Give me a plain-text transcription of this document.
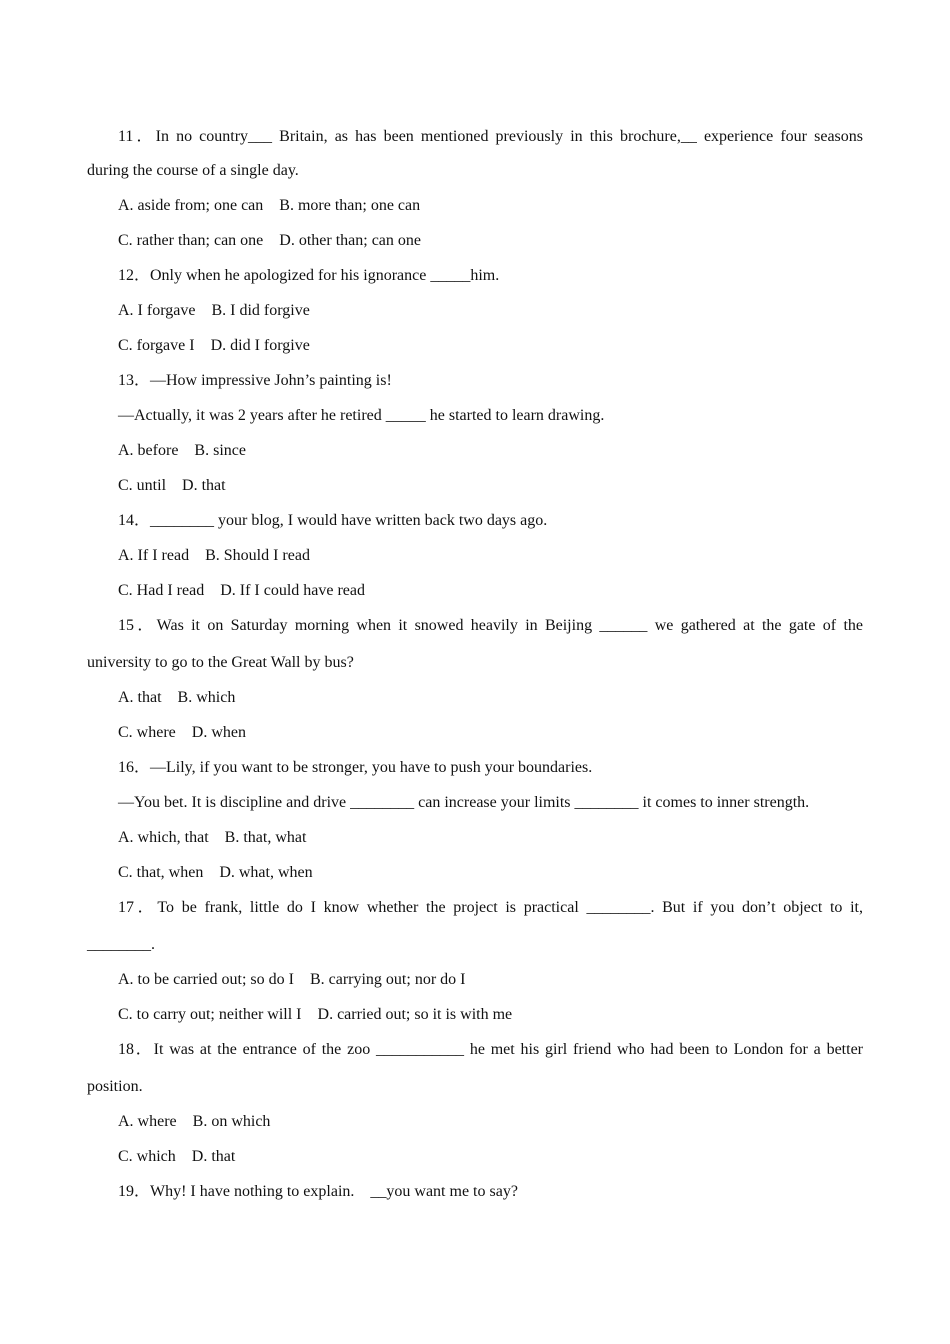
11．In no country___ Britain, as has been mentioned previously in this brochure,__ experience four seasons

during the course of a single day.

A. aside from; one can　B. more than; one can

C. rather than; can one　D. other than; can one

12．Only when he apologized for his ignorance _____him.

A. I forgave　B. I did forgive

C. forgave I　D. did I forgive

13．—How impressive John’s painting is!

—Actually, it was 2 years after he retired _____ he started to learn drawing.

A. before　B. since

C. until　D. that

14．________ your blog, I would have written back two days ago.

A. If I read　B. Should I read

C. Had I read　D. If I could have read

15．Was it on Saturday morning when it snowed heavily in Beijing ______ we gathered at the gate of the

university to go to the Great Wall by bus?

A. that　B. which

C. where　D. when

16．—Lily, if you want to be stronger, you have to push your boundaries.

—You bet. It is discipline and drive ________ can increase your limits ________ it comes to inner strength.

A. which, that　B. that, what

C. that, when　D. what, when

17．To be frank, little do I know whether the project is practical ________. But if you don’t object to it,

________.

A. to be carried out; so do I　B. carrying out; nor do I

C. to carry out; neither will I　D. carried out; so it is with me

18．It was at the entrance of the zoo ___________ he met his girl friend who had been to London for a better

position.

A. where　B. on which

C. which　D. that

19．Why! I have nothing to explain.　__you want me to say?
